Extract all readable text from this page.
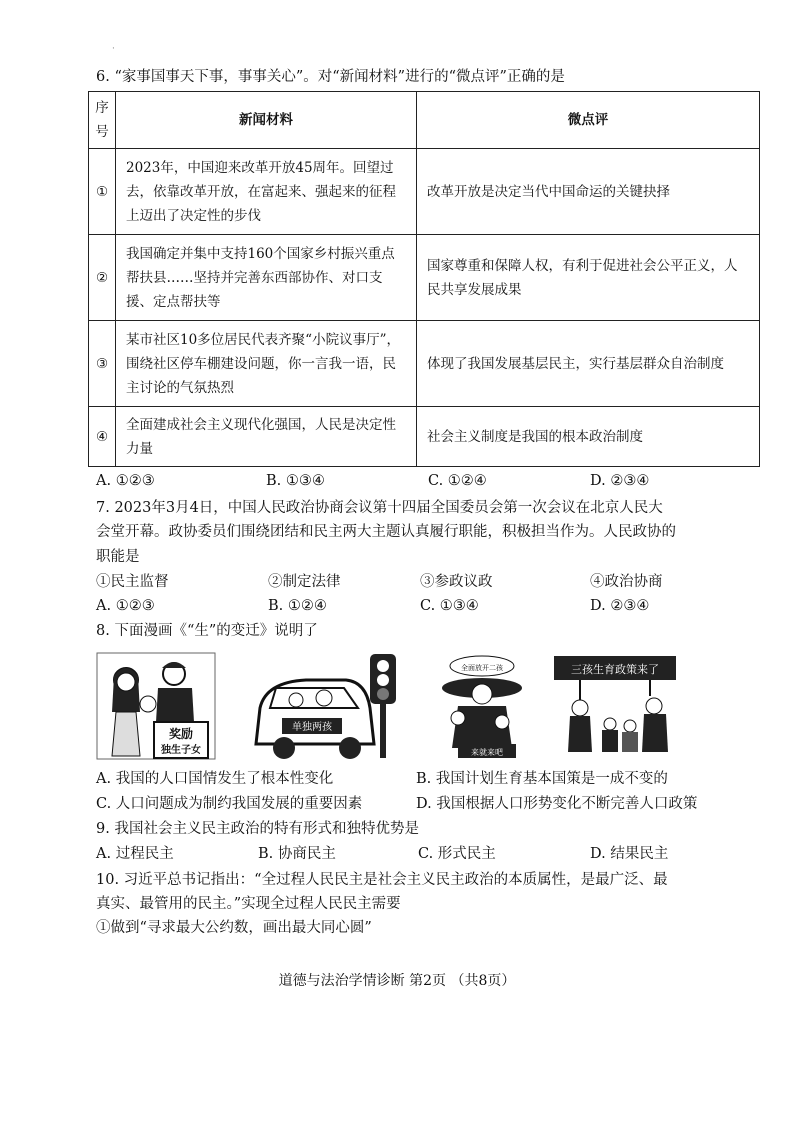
·
6. “家事国事天下事，事事关心”。对“新闻材料”进行的“微点评”正确的是
序号	新闻材料	微点评
①	2023年，中国迎来改革开放45周年。回望过去，依靠改革开放，在富起来、强起来的征程上迈出了决定性的步伐	改革开放是决定当代中国命运的关键抉择
②	我国确定并集中支持160个国家乡村振兴重点帮扶县……坚持并完善东西部协作、对口支援、定点帮扶等	国家尊重和保障人权，有利于促进社会公平正义，人民共享发展成果
③	某市社区10多位居民代表齐聚“小院议事厅”，围绕社区停车棚建设问题，你一言我一语，民主讨论的气氛热烈	体现了我国发展基层民主，实行基层群众自治制度
④	全面建成社会主义现代化强国，人民是决定性力量	社会主义制度是我国的根本政治制度
A. ①②③	B. ①③④	C. ①②④	D. ②③④
7. 2023年3月4日，中国人民政治协商会议第十四届全国委员会第一次会议在北京人民大
会堂开幕。政协委员们围绕团结和民主两大主题认真履行职能，积极担当作为。人民政协的
职能是
①民主监督	②制定法律	③参政议政	④政治协商
A. ①②③	B. ①②④	C. ①③④	D. ②③④
8. 下面漫画《“生”的变迁》说明了
奖励
独生子女
单独两孩
全面放开二孩
来就来吧
三孩生育政策来了
A. 我国的人口国情发生了根本性变化	B. 我国计划生育基本国策是一成不变的
C. 人口问题成为制约我国发展的重要因素	D. 我国根据人口形势变化不断完善人口政策
9. 我国社会主义民主政治的特有形式和独特优势是
A. 过程民主	B. 协商民主	C. 形式民主	D. 结果民主
10. 习近平总书记指出：“全过程人民民主是社会主义民主政治的本质属性，是最广泛、最
真实、最管用的民主。”实现全过程人民民主需要
①做到“寻求最大公约数，画出最大同心圆”
道德与法治学情诊断 第2页 （共8页）
